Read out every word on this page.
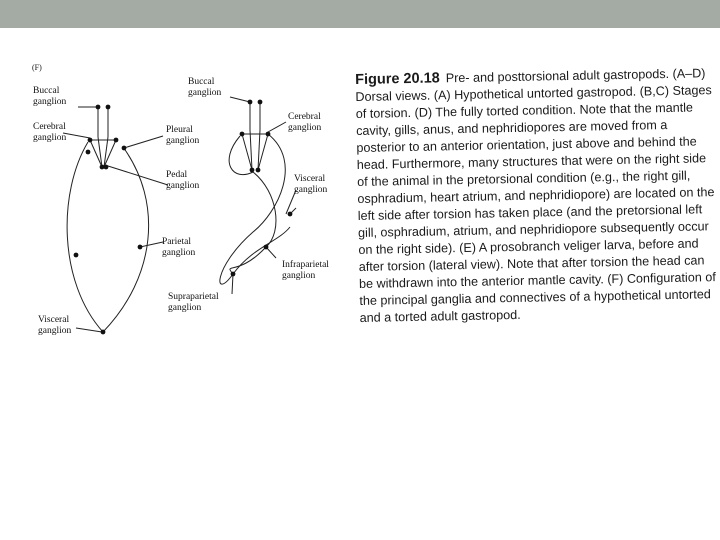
(F)
Buccal
ganglion
Cerebral
ganglion
Buccal
ganglion
Cerebral
ganglion
Pleural
ganglion
Pedal
ganglion
Visceral
ganglion
Parietal
ganglion
Infraparietal
ganglion
Supraparietal
ganglion
Visceral
ganglion
Figure 20.18 Pre- and posttorsional adult gastropods. (A–D) Dorsal views. (A) Hypothetical untorted gastropod. (B,C) Stages of torsion. (D) The fully torted condition. Note that the mantle cavity, gills, anus, and nephridiopores are moved from a posterior to an anterior orientation, just above and behind the head. Furthermore, many structures that were on the right side of the animal in the pretorsional condition (e.g., the right gill, osphradium, heart atrium, and nephridiopore) are located on the left side after torsion has taken place (and the pretorsional left gill, osphradium, atrium, and nephridiopore subsequently occur on the right side). (E) A prosobranch veliger larva, before and after torsion (lateral view). Note that after torsion the head can be withdrawn into the anterior mantle cavity. (F) Configuration of the principal ganglia and connectives of a hypothetical untorted and a torted adult gastropod.
